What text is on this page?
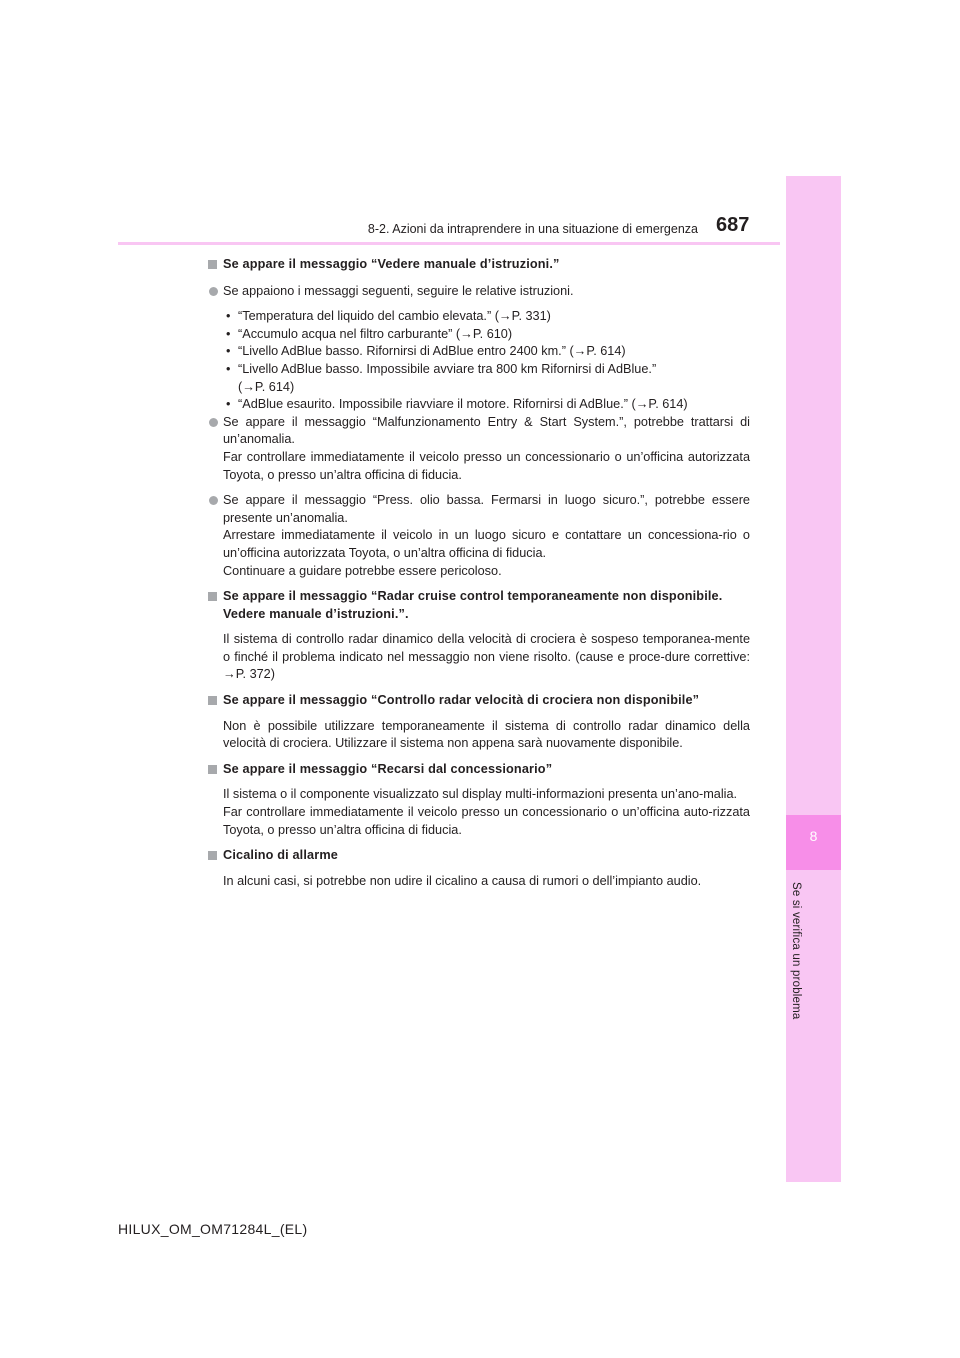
8
Se si verifica un problema
8-2. Azioni da intraprendere in una situazione di emergenza 687
Se appare il messaggio “Vedere manuale d’istruzioni.”
Se appaiono i messaggi seguenti, seguire le relative istruzioni.
• “Temperatura del liquido del cambio elevata.” (→P. 331)
• “Accumulo acqua nel filtro carburante” (→P. 610)
• “Livello AdBlue basso. Rifornirsi di AdBlue entro 2400 km.” (→P. 614)
• “Livello AdBlue basso. Impossibile avviare tra 800 km Rifornirsi di AdBlue.”
(→P. 614)
• “AdBlue esaurito. Impossibile riavviare il motore. Rifornirsi di AdBlue.” (→P. 614)
Se appare il messaggio “Malfunzionamento Entry & Start System.”, potrebbe trattarsi di un’anomalia.
Far controllare immediatamente il veicolo presso un concessionario o un’officina autorizzata Toyota, o presso un’altra officina di fiducia.
Se appare il messaggio “Press. olio bassa. Fermarsi in luogo sicuro.”, potrebbe essere presente un’anomalia.
Arrestare immediatamente il veicolo in un luogo sicuro e contattare un concessiona-rio o un’officina autorizzata Toyota, o un’altra officina di fiducia.
Continuare a guidare potrebbe essere pericoloso.
Se appare il messaggio “Radar cruise control temporaneamente non disponibile. Vedere manuale d’istruzioni.”.
Il sistema di controllo radar dinamico della velocità di crociera è sospeso temporanea-mente o finché il problema indicato nel messaggio non viene risolto. (cause e proce-dure correttive: →P. 372)
Se appare il messaggio “Controllo radar velocità di crociera non disponibile”
Non è possibile utilizzare temporaneamente il sistema di controllo radar dinamico della velocità di crociera. Utilizzare il sistema non appena sarà nuovamente disponibile.
Se appare il messaggio “Recarsi dal concessionario”
Il sistema o il componente visualizzato sul display multi-informazioni presenta un’ano-malia.
Far controllare immediatamente il veicolo presso un concessionario o un’officina auto-rizzata Toyota, o presso un’altra officina di fiducia.
Cicalino di allarme
In alcuni casi, si potrebbe non udire il cicalino a causa di rumori o dell’impianto audio.
HILUX_OM_OM71284L_(EL)
